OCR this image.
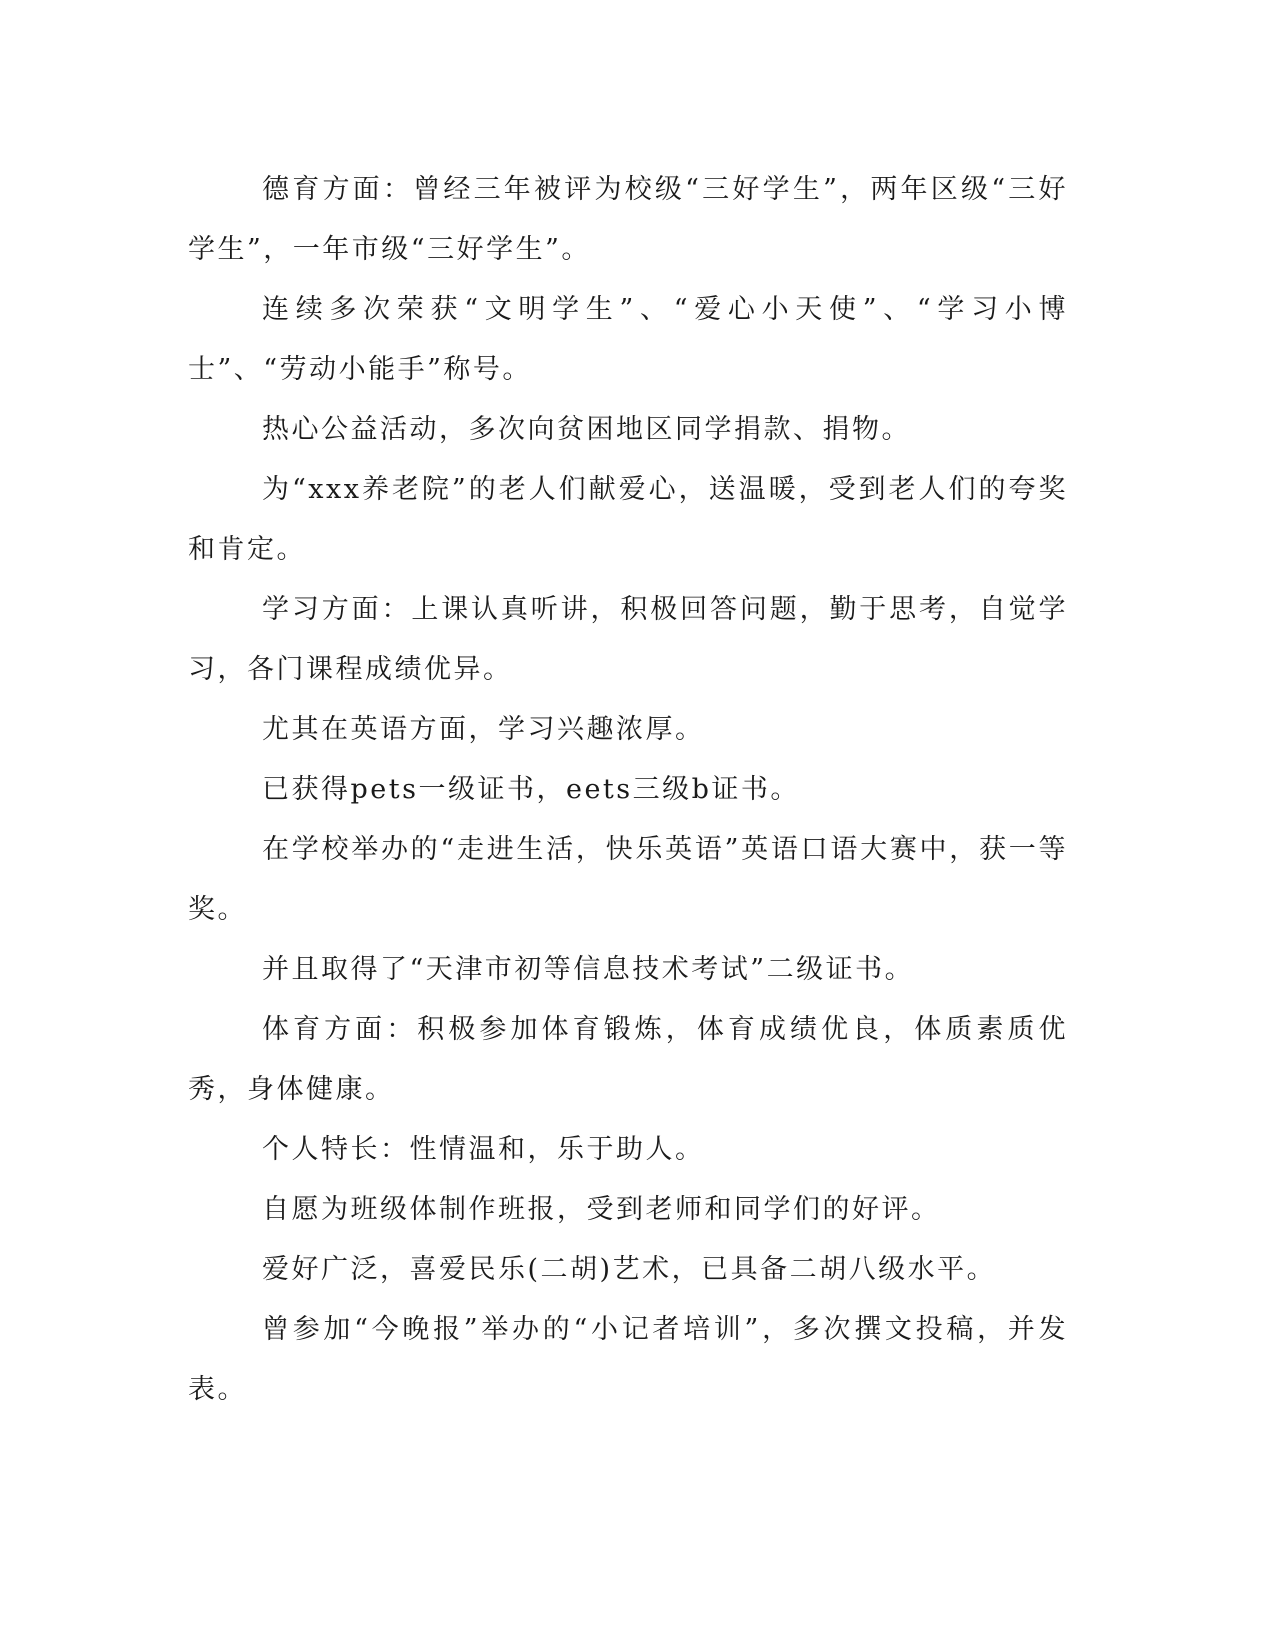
德育方面：曾经三年被评为校级“三好学生”，两年区级“三好学生”，一年市级“三好学生”。

连续多次荣获“文明学生”、“爱心小天使”、“学习小博士”、“劳动小能手”称号。

热心公益活动，多次向贫困地区同学捐款、捐物。

为“xxx养老院”的老人们献爱心，送温暖，受到老人们的夸奖和肯定。

学习方面：上课认真听讲，积极回答问题，勤于思考，自觉学习，各门课程成绩优异。

尤其在英语方面，学习兴趣浓厚。

已获得pets一级证书，eets三级b证书。

在学校举办的“走进生活，快乐英语”英语口语大赛中，获一等奖。

并且取得了“天津市初等信息技术考试”二级证书。

体育方面：积极参加体育锻炼，体育成绩优良，体质素质优秀，身体健康。

个人特长：性情温和，乐于助人。

自愿为班级体制作班报，受到老师和同学们的好评。

爱好广泛，喜爱民乐(二胡)艺术，已具备二胡八级水平。

曾参加“今晚报”举办的“小记者培训”，多次撰文投稿，并发表。
